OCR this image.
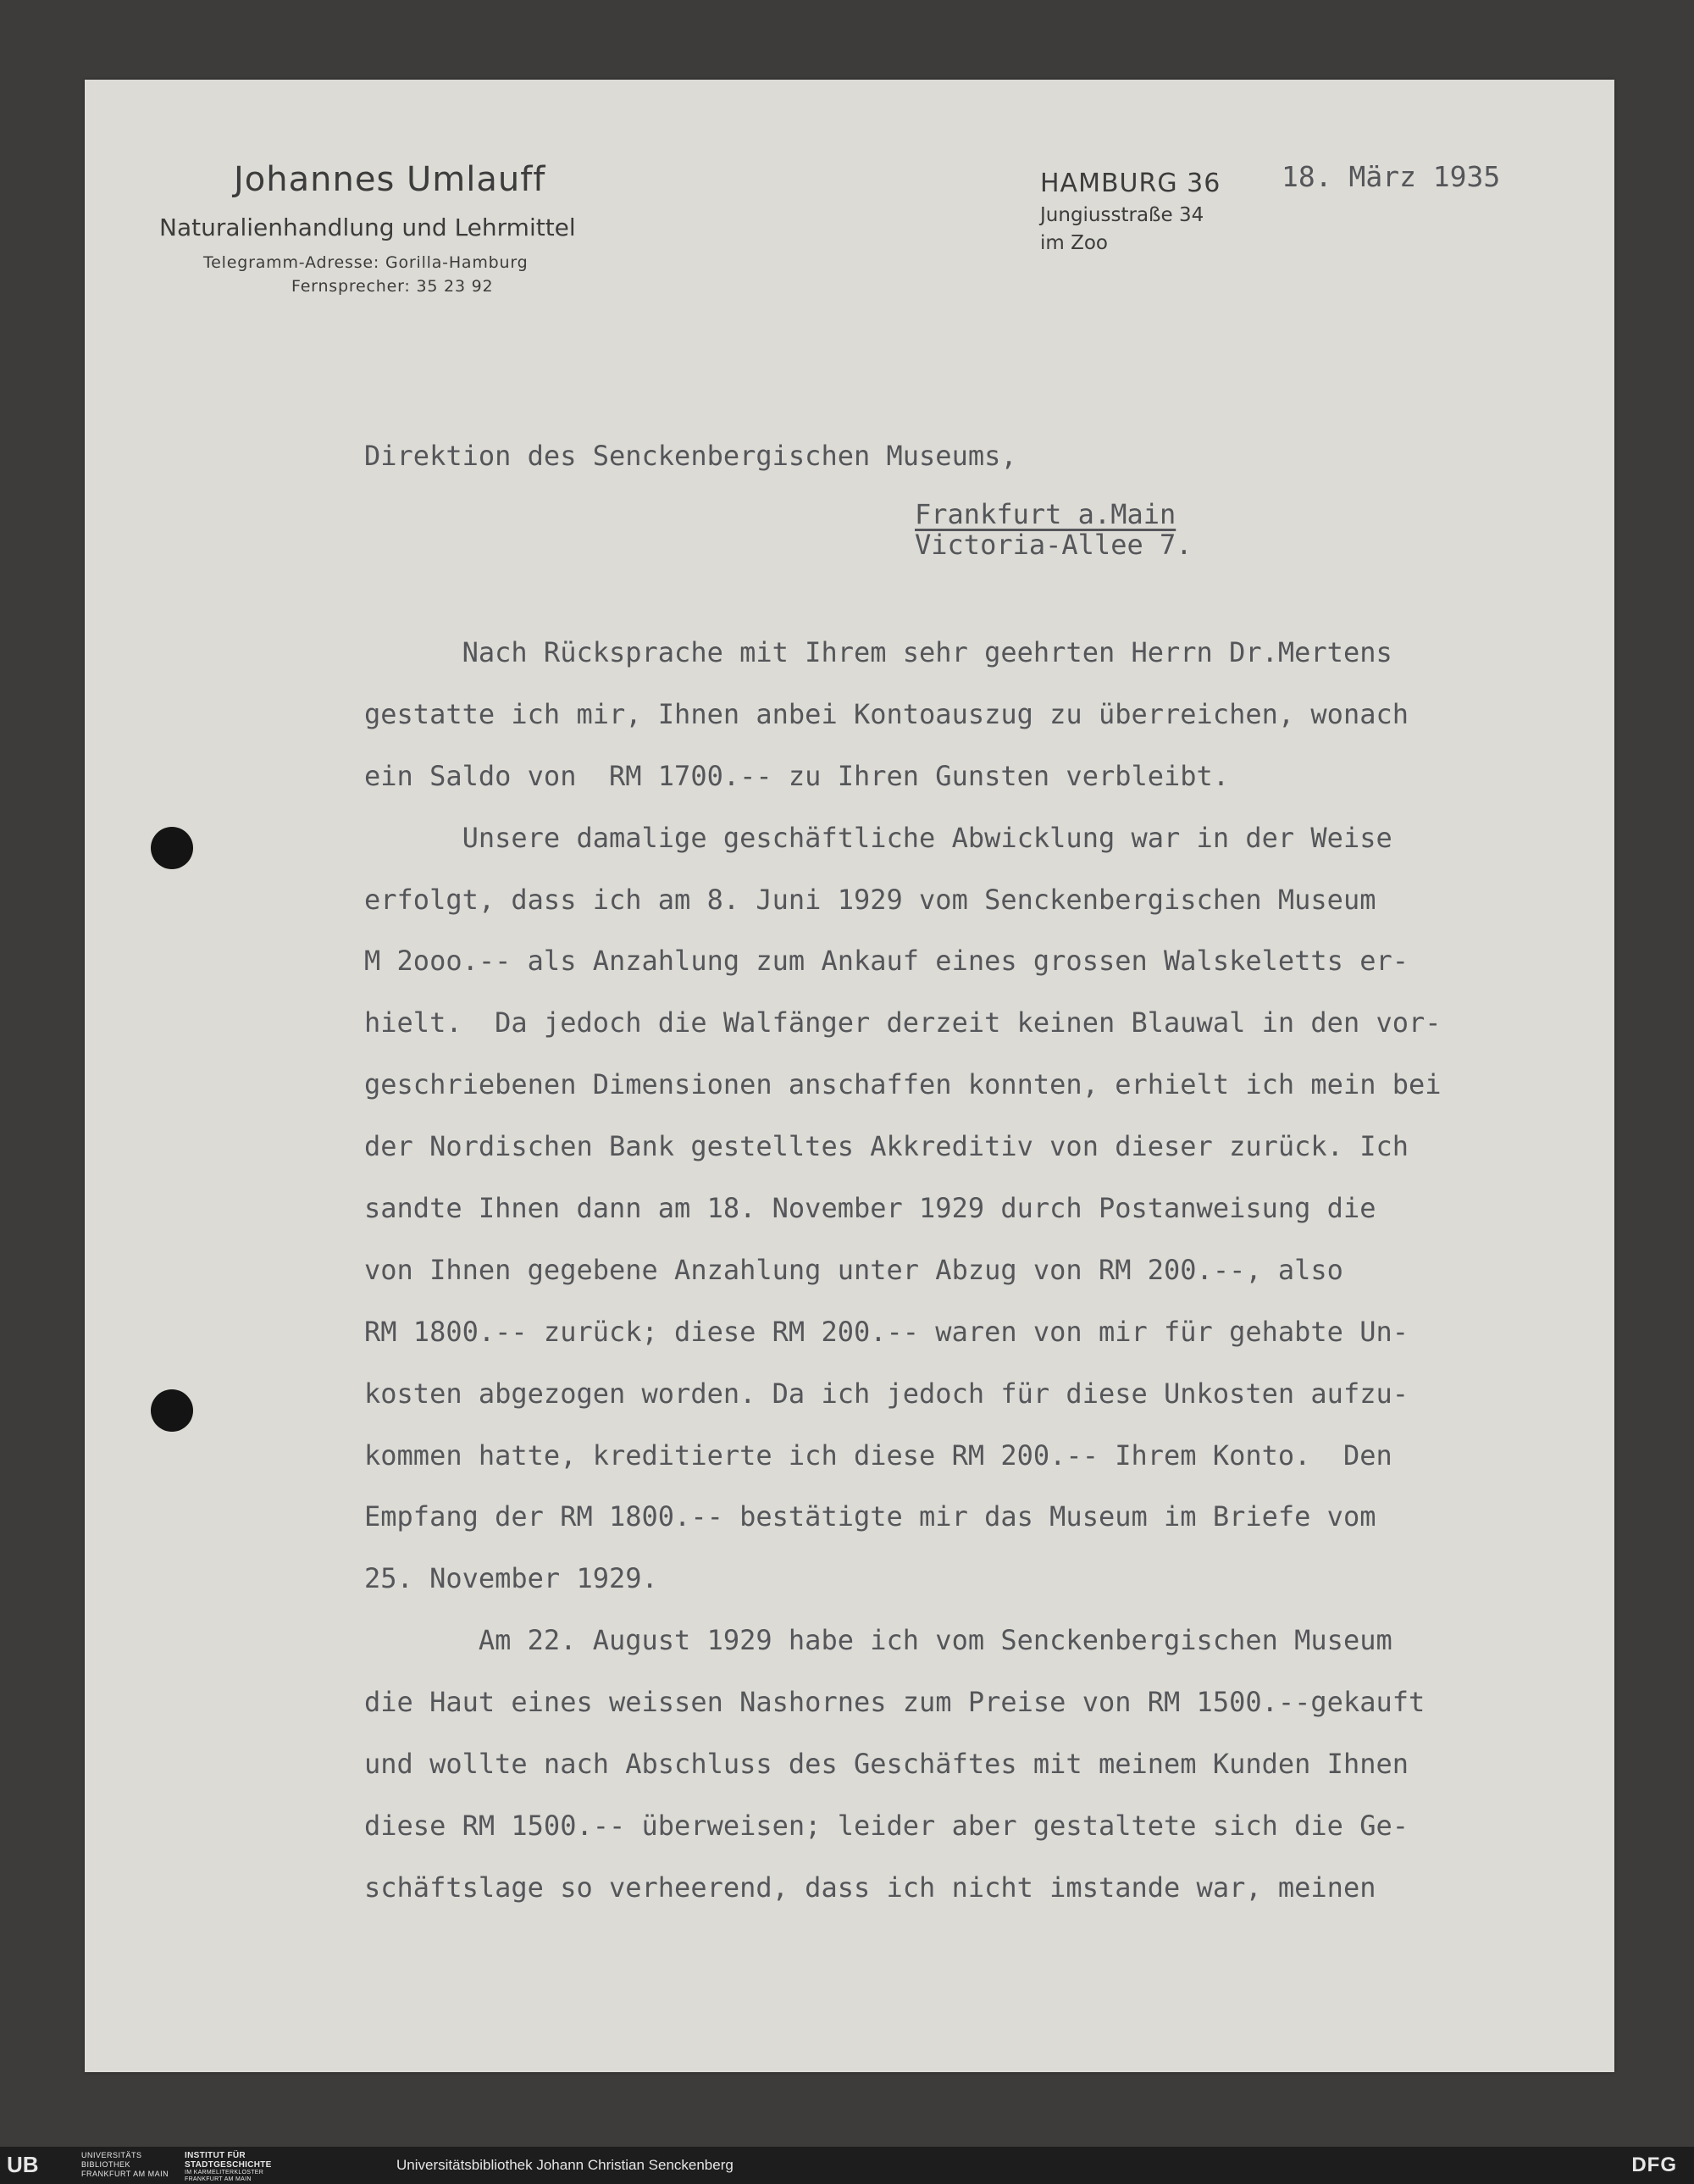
Johannes Umlauff
Naturalienhandlung und Lehrmittel
Telegramm-Adresse: Gorilla-Hamburg
Fernsprecher: 35 23 92
HAMBURG 36
Jungiusstraße 34
im Zoo
18. März 1935
Direktion des Senckenbergischen Museums,
Frankfurt a.Main
Victoria-Allee 7.
Nach Rücksprache mit Ihrem sehr geehrten Herrn Dr.Mertens
gestatte ich mir, Ihnen anbei Kontoauszug zu überreichen, wonach
ein Saldo von  RM 1700.-- zu Ihren Gunsten verbleibt.
Unsere damalige geschäftliche Abwicklung war in der Weise
erfolgt, dass ich am 8. Juni 1929 vom Senckenbergischen Museum
M 2ooo.-- als Anzahlung zum Ankauf eines grossen Walskeletts er-
hielt.  Da jedoch die Walfänger derzeit keinen Blauwal in den vor-
geschriebenen Dimensionen anschaffen konnten, erhielt ich mein bei
der Nordischen Bank gestelltes Akkreditiv von dieser zurück. Ich
sandte Ihnen dann am 18. November 1929 durch Postanweisung die
von Ihnen gegebene Anzahlung unter Abzug von RM 200.--, also
RM 1800.-- zurück; diese RM 200.-- waren von mir für gehabte Un-
kosten abgezogen worden. Da ich jedoch für diese Unkosten aufzu-
kommen hatte, kreditierte ich diese RM 200.-- Ihrem Konto.  Den
Empfang der RM 1800.-- bestätigte mir das Museum im Briefe vom
25. November 1929.
Am 22. August 1929 habe ich vom Senckenbergischen Museum
die Haut eines weissen Nashornes zum Preise von RM 1500.--gekauft
und wollte nach Abschluss des Geschäftes mit meinem Kunden Ihnen
diese RM 1500.-- überweisen; leider aber gestaltete sich die Ge-
schäftslage so verheerend, dass ich nicht imstande war, meinen
UB	UNIVERSITÄTS
BIBLIOTHEK
FRANKFURT AM MAIN
INSTITUT FÜR
STADTGESCHICHTE
IM KARMELITERKLOSTER
FRANKFURT AM MAIN
Universitätsbibliothek Johann Christian Senckenberg	DFG
